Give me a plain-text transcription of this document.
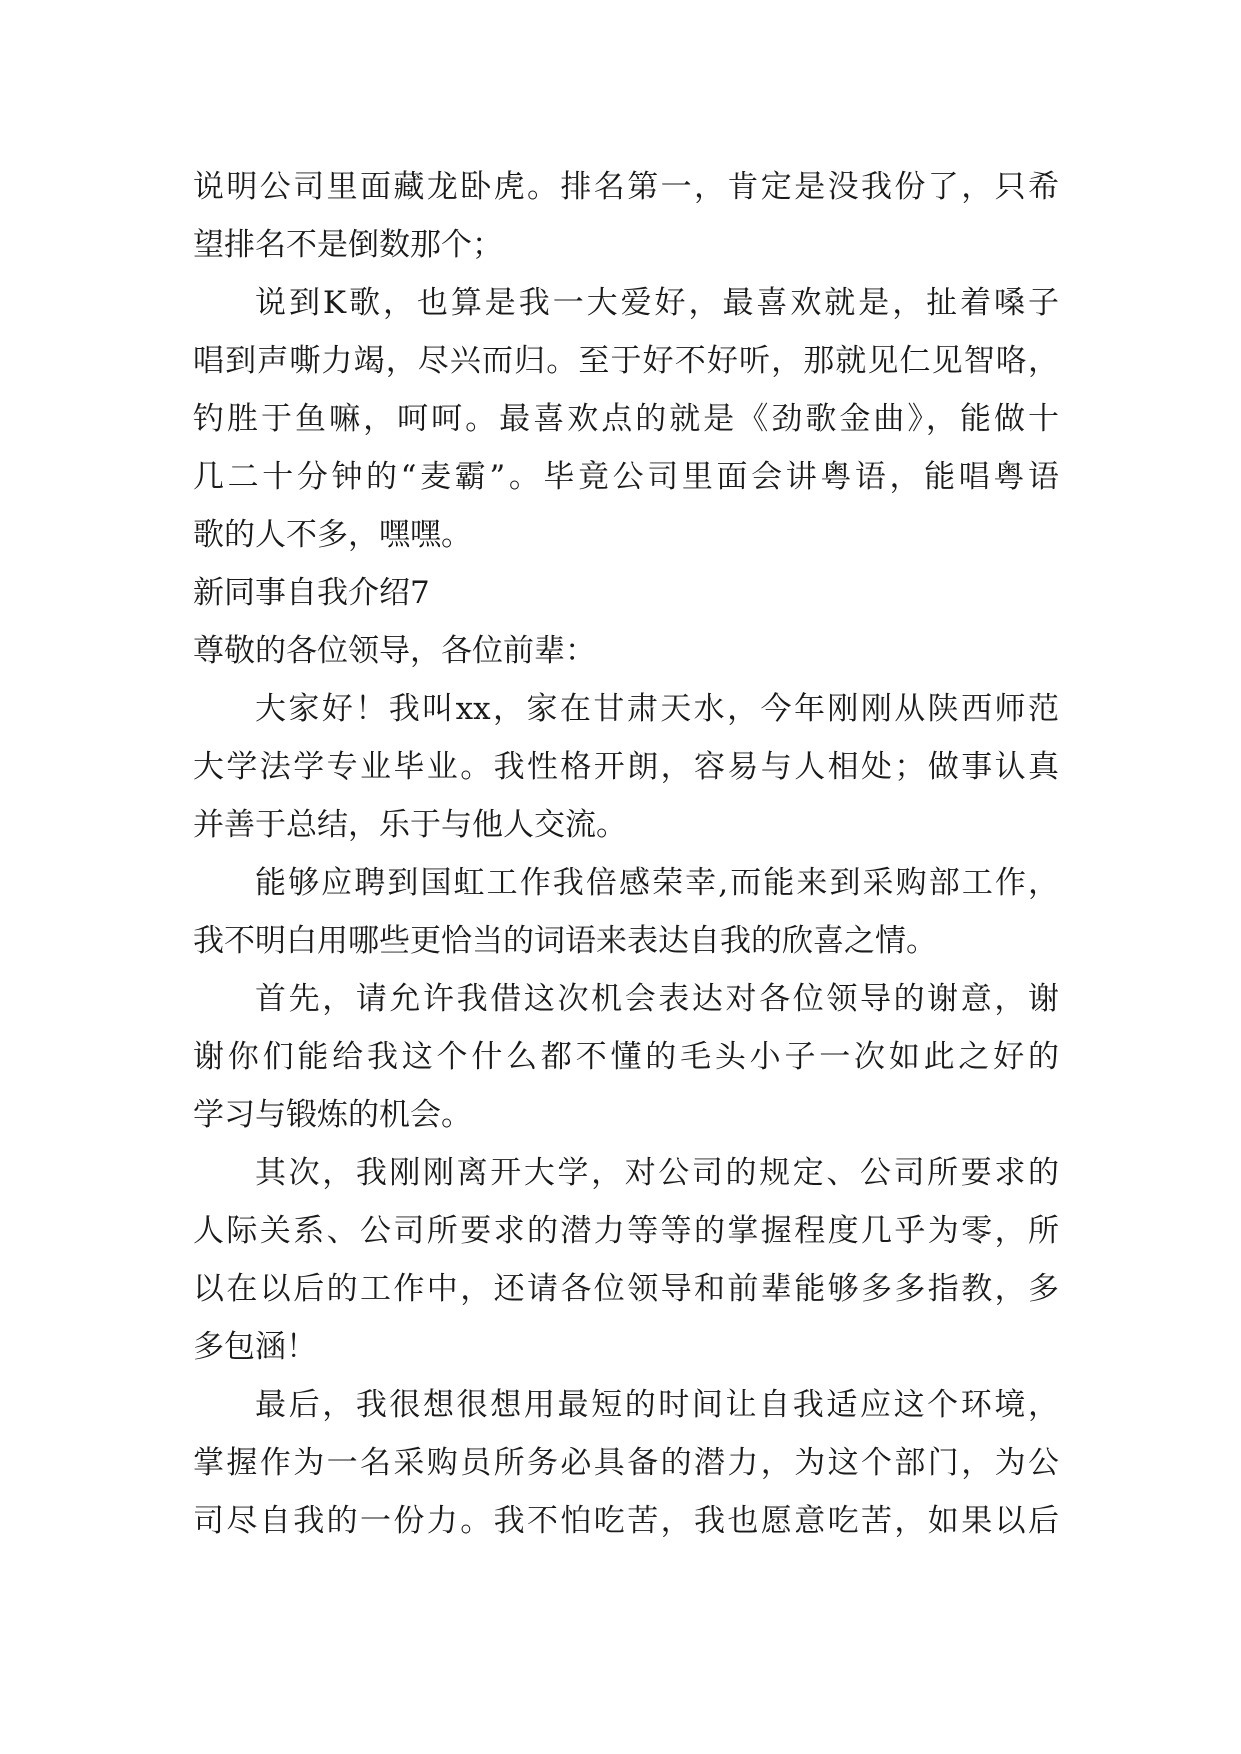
说明公司里面藏龙卧虎。排名第一，肯定是没我份了，只希
望排名不是倒数那个；
说到K歌，也算是我一大爱好，最喜欢就是，扯着嗓子
唱到声嘶力竭，尽兴而归。至于好不好听，那就见仁见智咯，
钓胜于鱼嘛，呵呵。最喜欢点的就是《劲歌金曲》，能做十
几二十分钟的“麦霸”。毕竟公司里面会讲粤语，能唱粤语
歌的人不多，嘿嘿。
新同事自我介绍7
尊敬的各位领导，各位前辈：
大家好！我叫xx，家在甘肃天水，今年刚刚从陕西师范
大学法学专业毕业。我性格开朗，容易与人相处；做事认真
并善于总结，乐于与他人交流。
能够应聘到国虹工作我倍感荣幸,而能来到采购部工作，
我不明白用哪些更恰当的词语来表达自我的欣喜之情。
首先，请允许我借这次机会表达对各位领导的谢意，谢
谢你们能给我这个什么都不懂的毛头小子一次如此之好的
学习与锻炼的机会。
其次，我刚刚离开大学，对公司的规定、公司所要求的
人际关系、公司所要求的潜力等等的掌握程度几乎为零，所
以在以后的工作中，还请各位领导和前辈能够多多指教，多
多包涵！
最后，我很想很想用最短的时间让自我适应这个环境，
掌握作为一名采购员所务必具备的潜力，为这个部门，为公
司尽自我的一份力。我不怕吃苦，我也愿意吃苦，如果以后
